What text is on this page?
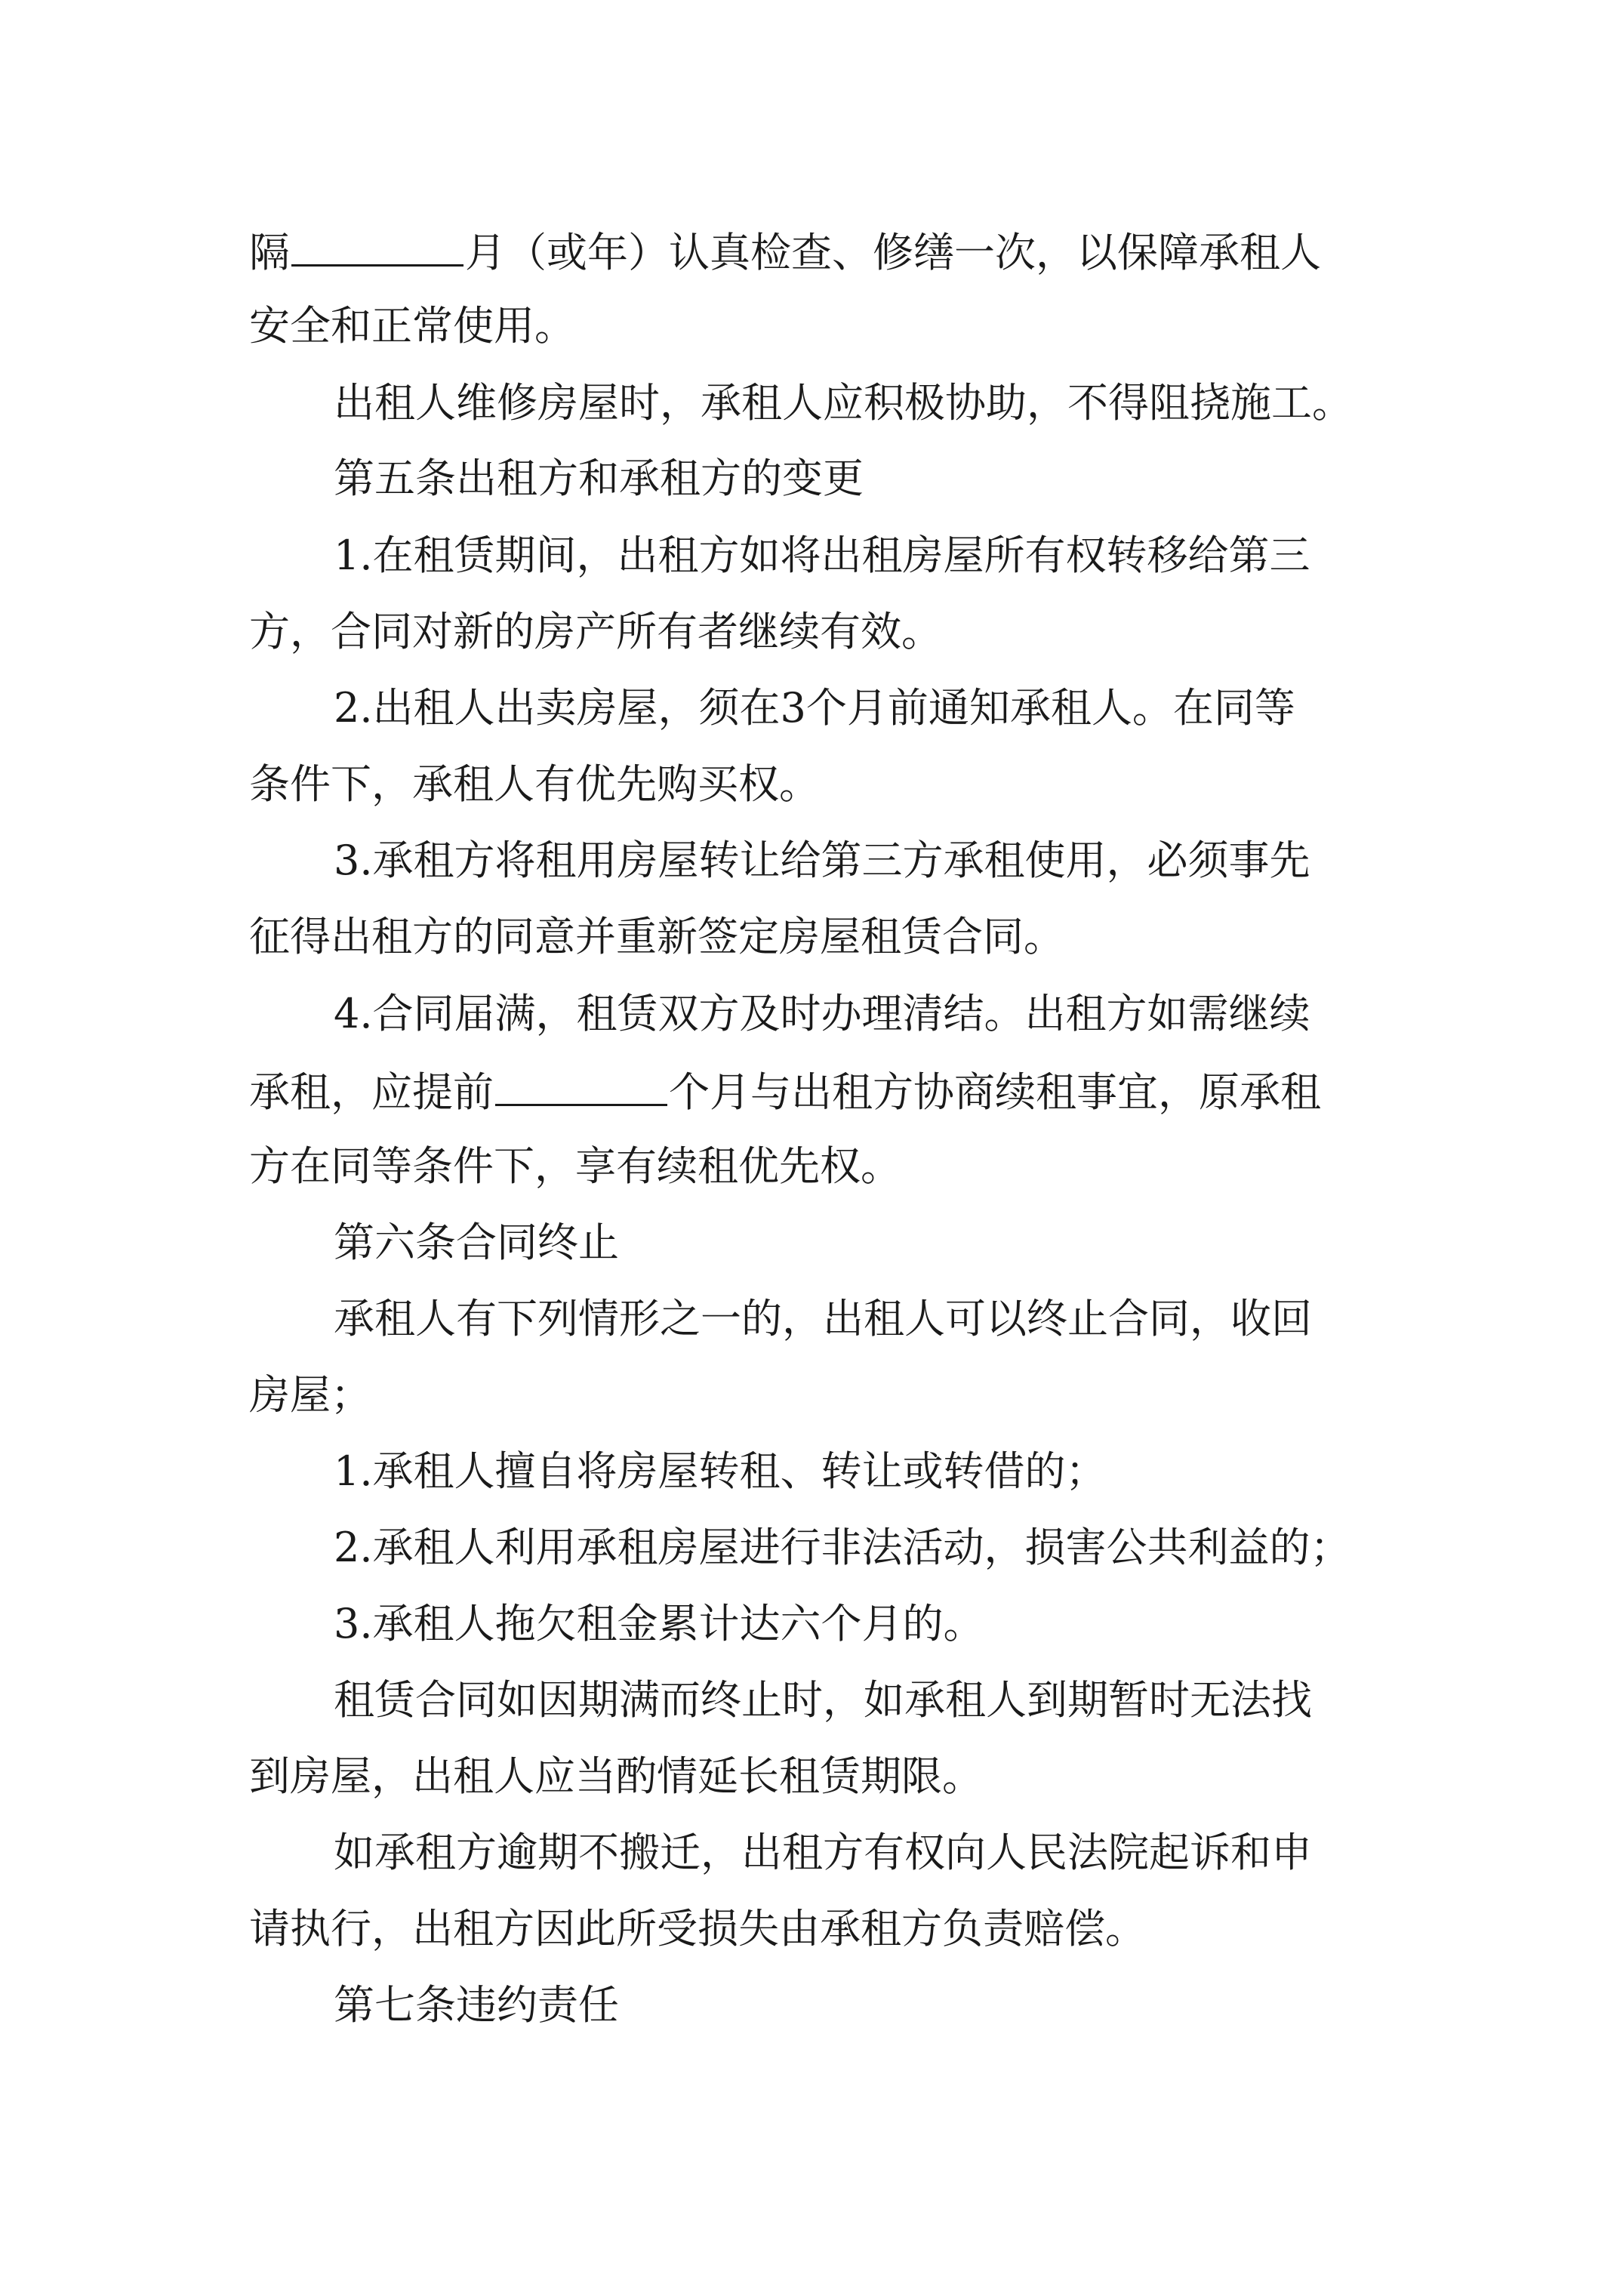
隔	月（或年）认真检查、修缮一次，以保障承租人
安全和正常使用。
出租人维修房屋时，承租人应积极协助，不得阻挠施工。
第五条出租方和承租方的变更
1.在租赁期间，出租方如将出租房屋所有权转移给第三
方，合同对新的房产所有者继续有效。
2.出租人出卖房屋，须在3个月前通知承租人。在同等
条件下，承租人有优先购买权。
3.承租方将租用房屋转让给第三方承租使用，必须事先
征得出租方的同意并重新签定房屋租赁合同。
4.合同届满，租赁双方及时办理清结。出租方如需继续
承租，应提前	个月与出租方协商续租事宜，原承租
方在同等条件下，享有续租优先权。
第六条合同终止
承租人有下列情形之一的，出租人可以终止合同，收回
房屋；
1.承租人擅自将房屋转租、转让或转借的；
2.承租人利用承租房屋进行非法活动，损害公共利益的；
3.承租人拖欠租金累计达六个月的。
租赁合同如因期满而终止时，如承租人到期暂时无法找
到房屋，出租人应当酌情延长租赁期限。
如承租方逾期不搬迁，出租方有权向人民法院起诉和申
请执行，出租方因此所受损失由承租方负责赔偿。
第七条违约责任
